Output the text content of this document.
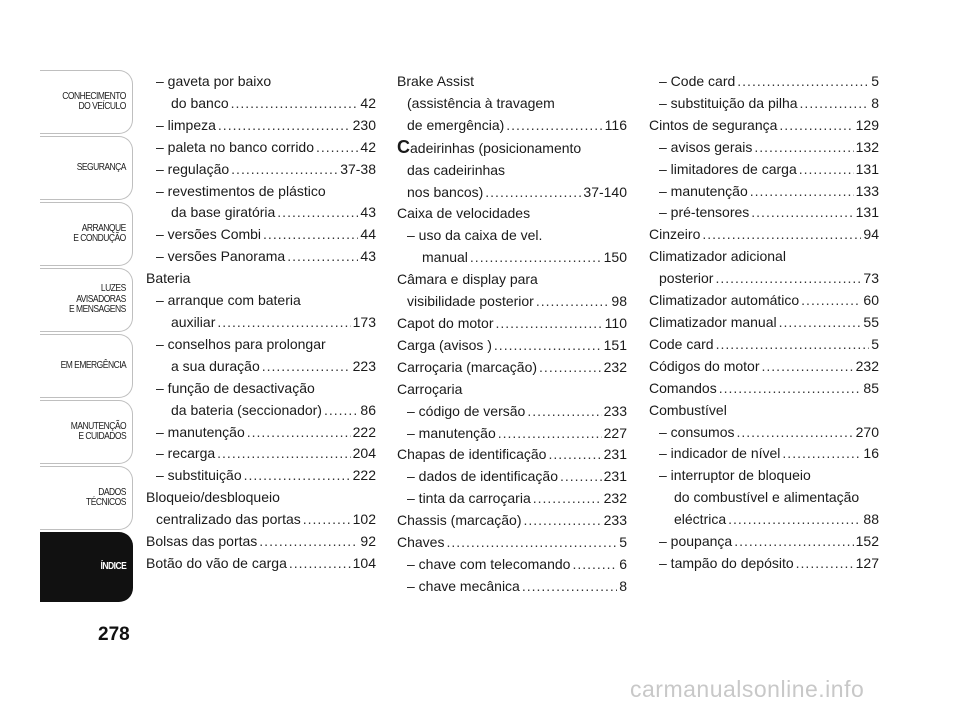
CONHECIMENTO
DO VEÍCULO
SEGURANÇA
ARRANQUE
E CONDUÇÃO
LUZES
AVISADORAS
E MENSAGENS
EM EMERGÊNCIA
MANUTENÇÃO
E CUIDADOS
DADOS
TÉCNICOS
ÍNDICE
278
– gaveta por baixo
do banco .....	42
– limpeza .....	230
– paleta no banco corrido .....	42
– regulação .....	37-38
– revestimentos de plástico
da base giratória .....	43
– versões Combi .....	44
– versões Panorama .....	43
Bateria
– arranque com bateria
auxiliar .....	173
– conselhos para prolongar
a sua duração .....	223
– função de desactivação
da bateria (seccionador) .....	86
– manutenção .....	222
– recarga .....	204
– substituição .....	222
Bloqueio/desbloqueio
centralizado das portas .....	102
Bolsas das portas .....	92
Botão do vão de carga .....	104
Brake Assist
(assistência à travagem
de emergência) .....	116
Cadeirinhas (posicionamento
das cadeirinhas
nos bancos) .....	37-140
Caixa de velocidades
– uso da caixa de vel.
manual .....	150
Câmara e display para
visibilidade posterior .....	98
Capot do motor .....	110
Carga (avisos ) .....	151
Carroçaria (marcação) .....	232
Carroçaria
– código de versão .....	233
– manutenção .....	227
Chapas de identificação .....	231
– dados de identificação .....	231
– tinta da carroçaria .....	232
Chassis (marcação) .....	233
Chaves .....	5
– chave com telecomando .....	6
– chave mecânica .....	8
– Code card .....	5
– substituição da pilha .....	8
Cintos de segurança .....	129
– avisos gerais .....	132
– limitadores de carga .....	131
– manutenção .....	133
– pré-tensores .....	131
Cinzeiro .....	94
Climatizador adicional
posterior .....	73
Climatizador automático .....	60
Climatizador manual .....	55
Code card .....	5
Códigos do motor .....	232
Comandos .....	85
Combustível
– consumos .....	270
– indicador de nível .....	16
– interruptor de bloqueio
do combustível e alimentação
eléctrica .....	88
– poupança .....	152
– tampão do depósito .....	127
carmanualsonline.info
